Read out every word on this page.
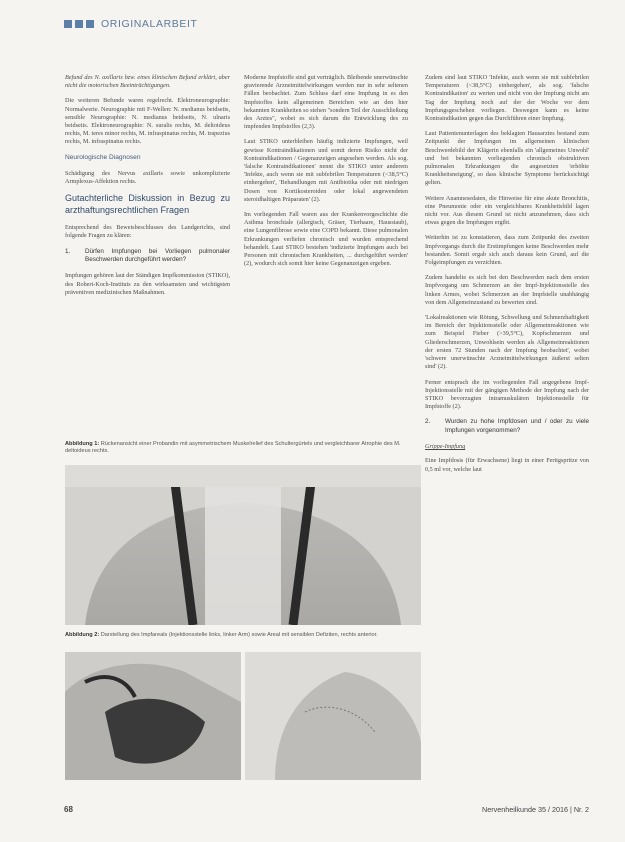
ORIGINALARBEIT

Befund des N. axillaris bzw. eines klinischen Befund erklärt, aber nicht die motorischen Beeinträchtigungen.

Die weiteren Befunde waren regelrecht. Elektroneurographie: Normalwerte. Neurographie mit F-Wellen: N. medianus beidseits, sensible Neurographie: N. medianus beidseits, N. ulnaris beidseits. Elektroneurographie: N. suralis rechts, M. deltoideus rechts, M. teres minor rechts, M. infraspinatus rechts, M. trapezius rechts, M. infraspinatus rechts.

Neurologische Diagnosen

Schädigung des Nervus axillaris sowie unkomplizierte Armplexus-Affektion rechts.

Gutachterliche Diskussion in Bezug zu arzthaftungsrechtlichen Fragen

Entsprechend des Beweisbeschlusses des Landgerichts, sind folgende Fragen zu klären:

1.	Dürfen Impfungen bei Vorliegen pulmonaler Beschwerden durchgeführt werden?

Impfungen gehören laut der Ständigen Impfkommission (STIKO), des Robert-Koch-Instituts zu den wirksamsten und wichtigsten präventiven medizinischen Maßnahmen.

Moderne Impfstoffe sind gut verträglich. Bleibende unerwünschte gravierende Arzneimittelwirkungen werden nur in sehr seltenen Fällen beobachtet. Zum Schluss darf eine Impfung in es den Impfstoffes kein allgemeinen Bereichen wie an den hier bekannten Krankheiten so stehen "sondern Teil der Ausschließung des Arztes", wobei es sich darum die Entwicklung des zu impfenden Impfstoffes (2,3).

Laut STIKO unterbleiben häufig indizierte Impfungen, weil gewisse Kontraindikationen und somit deren Risiko nicht der Kontraindikationen / Gegenanzeigen angesehen werden. Als sog. 'falsche Kontraindikationen' nennt die STIKO unter anderem 'Infekte, auch wenn sie mit subfebrilen Temperaturen (<38,5°C) einhergehen', 'Behandlungen mit Antibiotika oder mit niedrigen Dosen von Kortikosteroiden oder lokal angewendeten steroidhaltigen Präparaten' (2).

Im vorliegenden Fall waren aus der Krankenvorgeschichte die Asthma bronchiale (allergisch, Gräser, Tierhaare, Hausstaub), eine Lungenfibrose sowie eine COPD bekannt. Diese pulmonalen Erkrankungen verliefen chronisch und wurden entsprechend behandelt. Laut STIKO bestehen 'indizierte Impfungen auch bei Personen mit chronischen Krankheiten, ... durchgeführt werden' (2), wodurch sich somit hier keine Gegenanzeigen ergeben.

Zudem sind laut STIKO 'Infekte, auch wenn sie mit subfebrilen Temperaturen (<38,5°C) einhergehen', als sog. 'falsche Kontraindikation' zu werten und nicht von der Impfung nicht am Tag der Impfung noch auf der der Woche vor dem Impfungsgeschehen vorliegen. Deswegen kann es keine Kontraindikation gegen das Durchführen einer Impfung.

Laut Patientenunterlagen des beklagten Hausarztes bestand zum Zeitpunkt der Impfungen im allgemeinen klinischen Beschwerdebild der Klägerin ebenfalls ein 'allgemeines Unwohl' und bei bekannten vorliegenden chronisch obstruktiven pulmonalen Erkrankungen die angesetzten 'erhöhte Krankheitsneigung', so dass klinische Symptome berücksichtigt gelten.

Weitere Anamnesedaten, die Hinweise für eine akute Bronchitis, eine Pneumonie oder ein vergleichbares Krankheitsbild lagen nicht vor. Aus diesem Grund ist nicht anzunehmen, dass sich etwas gegen die Impfungen ergibt.

Weiterhin ist zu konstatieren, dass zum Zeitpunkt des zweiten Impfvorgangs durch die Erstimpfungen keine Beschwerden mehr bestanden. Somit ergab sich auch daraus kein Grund, auf die Folgeimpfungen zu verzichten.

Zudem handelte es sich bei den Beschwerden nach dem ersten Impfvorgang um Schmerzen an der Impf-Injektionsstelle des linken Armes, wobei Schmerzen an der Impfstelle unabhängig von dem Allgemeinzustand zu bewerten sind.

'Lokalreaktionen wie Rötung, Schwellung und Schmerzhaftigkeit im Bereich der Injektionsstelle oder Allgemeinreaktionen wie zum Beispiel Fieber (>39,5°C), Kopfschmerzen und Gliederschmerzen, Unwohlsein werden als Allgemeinreaktionen der ersten 72 Stunden nach der Impfung beobachtet', wobei 'schwere unerwünschte Arzneimittelwirkungen äußerst selten sind' (2).

Ferner entsprach die im vorliegenden Fall angegebene Impf-Injektionsstelle mit der gängigen Methode der Impfung nach der STIKO bevorzugten intramuskulären Injektionsstelle für Impfstoffe (2).

2.	Wurden zu hohe Impfdosen und / oder zu viele Impfungen vorgenommen?
Grippe-Impfung

Eine Impfdosis (für Erwachsene) liegt in einer Fertigspritze von 0,5 ml vor, welche laut

Abbildung 1: Rückenansicht einer Probandin mit asymmetrischem Muskelrelief des Schultergürtels und vergleichbarer Atrophie des M. deltoideus rechts.
Abbildung 2: Darstellung des Impfareals (Injektionsstelle links, linker Arm) sowie Areal mit sensiblen Defiziten, rechts anterior.
68	Nervenheilkunde 35 / 2016 | Nr. 2
